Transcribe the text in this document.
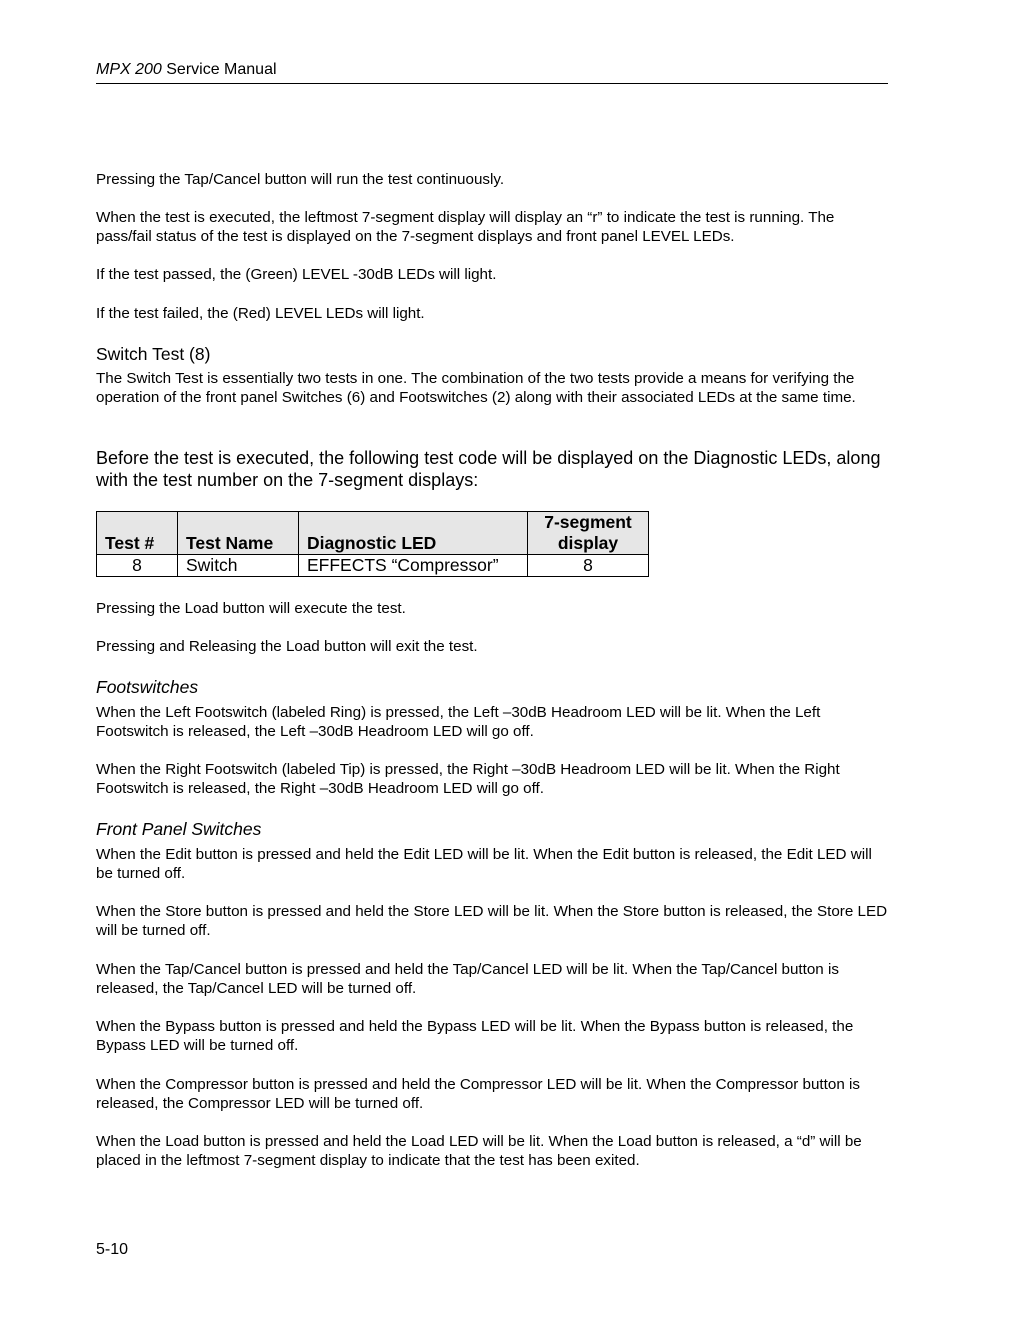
MPX 200 Service Manual

Pressing the Tap/Cancel button will run the test continuously.

When the test is executed, the leftmost 7-segment display will display an “r” to indicate the test is running. The pass/fail status of the test is displayed on the 7-segment displays and front panel LEVEL LEDs.

If the test passed, the (Green) LEVEL -30dB LEDs will light.

If the test failed, the (Red) LEVEL LEDs will light.

Switch Test (8)

The Switch Test is essentially two tests in one. The combination of the two tests provide a means for verifying the operation of the front panel Switches (6) and Footswitches (2) along with their associated LEDs at the same time.

Before the test is executed, the following test code will be displayed on the Diagnostic LEDs, along with the test number on the 7-segment displays:

Test #	Test Name	Diagnostic LED	7-segment display
8	Switch	EFFECTS “Compressor”	8

Pressing the Load button will execute the test.

Pressing and Releasing the Load button will exit the test.

Footswitches

When the Left Footswitch (labeled Ring) is pressed, the Left –30dB Headroom LED will be lit. When the Left Footswitch is released, the Left –30dB Headroom LED will go off.

When the Right Footswitch (labeled Tip) is pressed, the Right –30dB Headroom LED will be lit. When the Right Footswitch is released, the Right –30dB Headroom LED will go off.

Front Panel Switches

When the Edit button is pressed and held the Edit LED will be lit. When the Edit button is released, the Edit LED will be turned off.

When the Store button is pressed and held the Store LED will be lit. When the Store button is released, the Store LED will be turned off.

When the Tap/Cancel button is pressed and held the Tap/Cancel LED will be lit. When the Tap/Cancel button is released, the Tap/Cancel LED will be turned off.

When the Bypass button is pressed and held the Bypass LED will be lit. When the Bypass button is released, the Bypass LED will be turned off.

When the Compressor button is pressed and held the Compressor LED will be lit. When the Compressor button is released, the Compressor LED will be turned off.

When the Load button is pressed and held the Load LED will be lit. When the Load button is released, a “d” will be placed in the leftmost 7-segment display to indicate that the test has been exited.

5-10
